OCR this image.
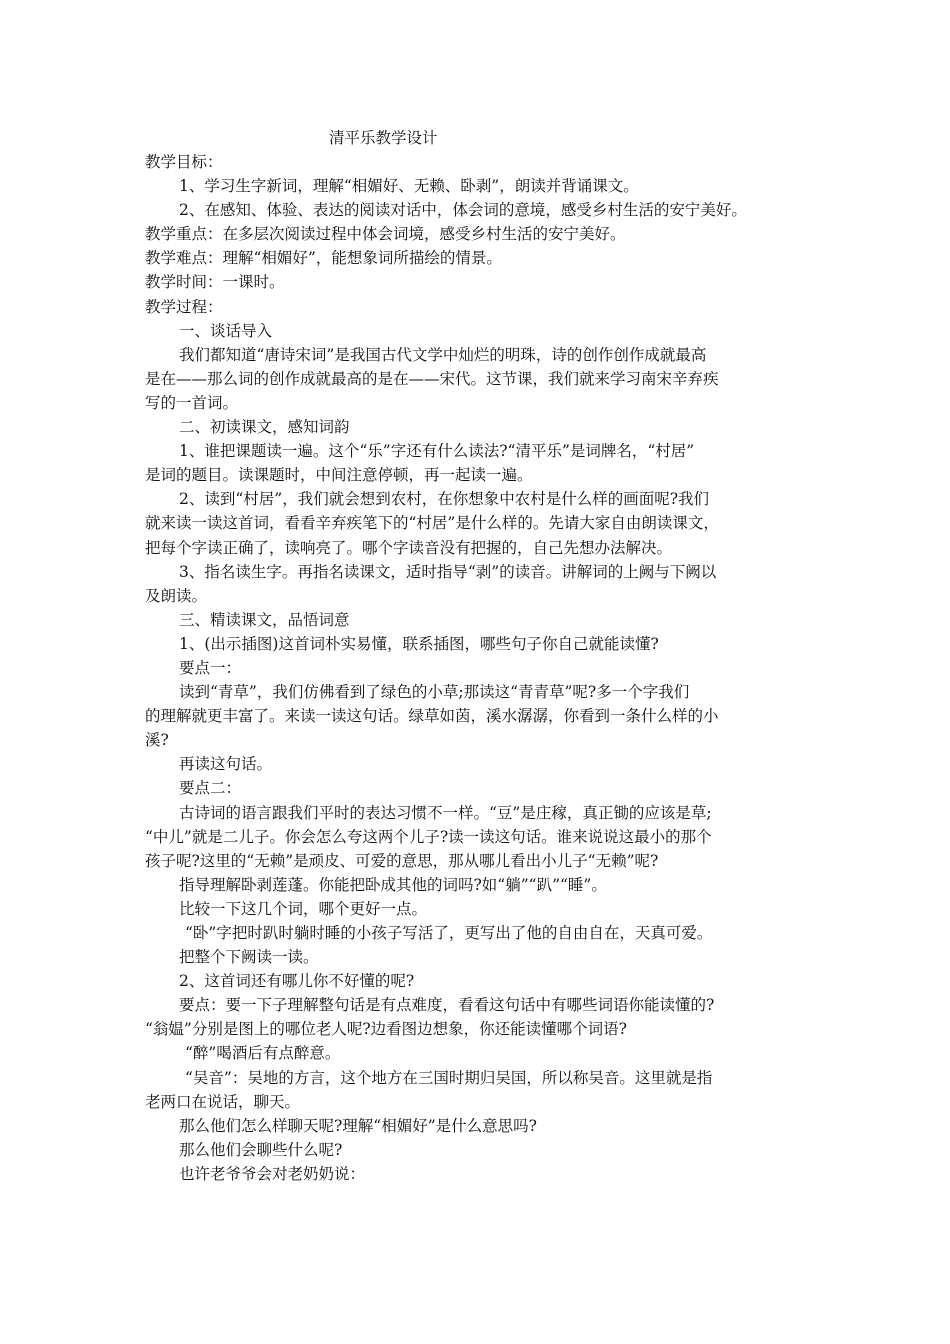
清平乐教学设计
教学目标：
1、学习生字新词，理解“相媚好、无赖、卧剥”，朗读并背诵课文。
2、在感知、体验、表达的阅读对话中，体会词的意境，感受乡村生活的安宁美好。
教学重点：在多层次阅读过程中体会词境，感受乡村生活的安宁美好。
教学难点：理解“相媚好”，能想象词所描绘的情景。
教学时间：一课时。
教学过程：
一、谈话导入
我们都知道“唐诗宋词”是我国古代文学中灿烂的明珠，诗的创作创作成就最高
是在——那么词的创作成就最高的是在——宋代。这节课，我们就来学习南宋辛弃疾
写的一首词。
二、初读课文，感知词韵
1、谁把课题读一遍。这个“乐”字还有什么读法?“清平乐”是词牌名，“村居”
是词的题目。读课题时，中间注意停顿，再一起读一遍。
2、读到“村居”，我们就会想到农村，在你想象中农村是什么样的画面呢?我们
就来读一读这首词，看看辛弃疾笔下的“村居”是什么样的。先请大家自由朗读课文，
把每个字读正确了，读响亮了。哪个字读音没有把握的，自己先想办法解决。
3、指名读生字。再指名读课文，适时指导“剥”的读音。讲解词的上阙与下阙以
及朗读。
三、精读课文，品悟词意
1、(出示插图)这首词朴实易懂，联系插图，哪些句子你自己就能读懂?
要点一：
读到“青草”，我们仿佛看到了绿色的小草;那读这“青青草”呢?多一个字我们
的理解就更丰富了。来读一读这句话。绿草如茵，溪水潺潺，你看到一条什么样的小
溪?
再读这句话。
要点二：
古诗词的语言跟我们平时的表达习惯不一样。“豆”是庄稼，真正锄的应该是草;
“中儿”就是二儿子。你会怎么夸这两个儿子?读一读这句话。谁来说说这最小的那个
孩子呢?这里的“无赖”是顽皮、可爱的意思，那从哪儿看出小儿子“无赖”呢?
指导理解卧剥莲蓬。你能把卧成其他的词吗?如“躺”“趴”“睡”。
比较一下这几个词，哪个更好一点。
“卧”字把时趴时躺时睡的小孩子写活了，更写出了他的自由自在，天真可爱。
把整个下阙读一读。
2、这首词还有哪儿你不好懂的呢?
要点：要一下子理解整句话是有点难度，看看这句话中有哪些词语你能读懂的?
“翁媪”分别是图上的哪位老人呢?边看图边想象，你还能读懂哪个词语?
“醉”喝酒后有点醉意。
“吴音”：吴地的方言，这个地方在三国时期归吴国，所以称吴音。这里就是指
老两口在说话，聊天。
那么他们怎么样聊天呢?理解“相媚好”是什么意思吗?
那么他们会聊些什么呢?
也许老爷爷会对老奶奶说：
